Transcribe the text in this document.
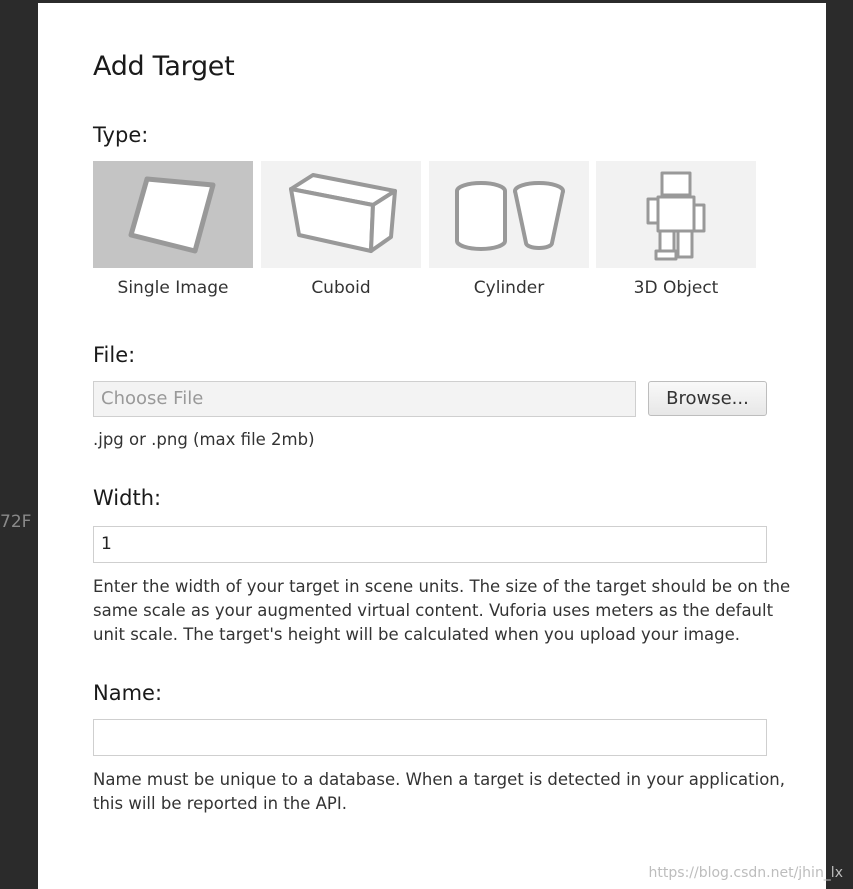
72F
Add Target
Type:
Single Image	Cuboid	Cylinder	3D Object
File:
Choose File	Browse...

.jpg or .png (max file 2mb)

Width:
1

Enter the width of your target in scene units. The size of the target should be on the same scale as your augmented virtual content. Vuforia uses meters as the default unit scale. The target's height will be calculated when you upload your image.

Name:

Name must be unique to a database. When a target is detected in your application, this will be reported in the API.

https://blog.csdn.net/jhin_lx
